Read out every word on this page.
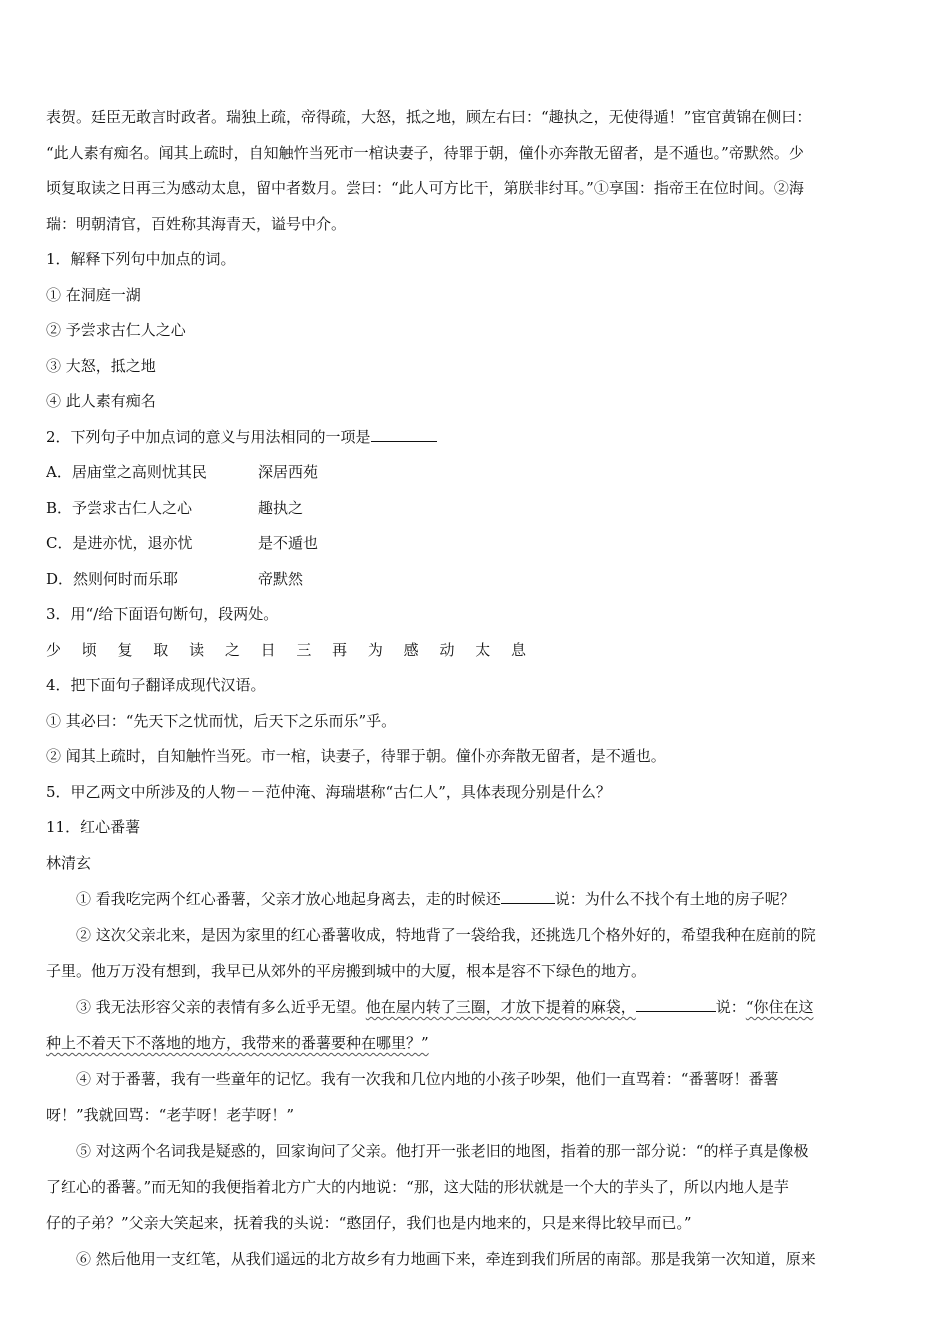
表贺。廷臣无敢言时政者。瑞独上疏，帝得疏，大怒，抵之地，顾左右曰：“趣执之，无使得遁！”宦官黄锦在侧曰：
“此人素有痴名。闻其上疏时，自知触忤当死市一棺诀妻子，待罪于朝，僮仆亦奔散无留者，是不遁也。”帝默然。少
顷复取读之日再三为感动太息，留中者数月。尝曰：“此人可方比干，第朕非纣耳。”①享国：指帝王在位时间。②海
瑞：明朝清官，百姓称其海青天，谥号中介。
1．解释下列句中加点的词。
① 在洞庭一湖
② 予尝求古仁人之心
③ 大怒，抵之地
④ 此人素有痴名
2．下列句子中加点词的意义与用法相同的一项是
A．居庙堂之高则忧其民	深居西苑
B．予尝求古仁人之心	趣执之
C．是进亦忧，退亦忧	是不遁也
D．然则何时而乐耶	帝默然
3．用“/给下面语句断句，段两处。
少 顷 复 取 读 之 日 三 再 为 感 动 太 息
4．把下面句子翻译成现代汉语。
① 其必曰：“先天下之忧而忧，后天下之乐而乐”乎。
② 闻其上疏时，自知触忤当死。市一棺，诀妻子，待罪于朝。僮仆亦奔散无留者，是不遁也。
5．甲乙两文中所涉及的人物－－范仲淹、海瑞堪称“古仁人”，具体表现分别是什么？
11．红心番薯
林清玄
① 看我吃完两个红心番薯，父亲才放心地起身离去，走的时候还	说：为什么不找个有土地的房子呢？
② 这次父亲北来，是因为家里的红心番薯收成，特地背了一袋给我，还挑选几个格外好的，希望我种在庭前的院
子里。他万万没有想到，我早已从郊外的平房搬到城中的大厦，根本是容不下绿色的地方。
③ 我无法形容父亲的表情有多么近乎无望。他在屋内转了三圈，才放下提着的麻袋，	说：“你住在这
种上不着天下不落地的地方，我带来的番薯要种在哪里？”
④ 对于番薯，我有一些童年的记忆。我有一次我和几位内地的小孩子吵架，他们一直骂着：“番薯呀！番薯
呀！”我就回骂：“老芋呀！老芋呀！”
⑤ 对这两个名词我是疑惑的，回家询问了父亲。他打开一张老旧的地图，指着的那一部分说：“的样子真是像极
了红心的番薯。”而无知的我便指着北方广大的内地说：“那，这大陆的形状就是一个大的芋头了，所以内地人是芋
仔的子弟？”父亲大笑起来，抚着我的头说：“憨囝仔，我们也是内地来的，只是来得比较早而已。”
⑥ 然后他用一支红笔，从我们遥远的北方故乡有力地画下来，牵连到我们所居的南部。那是我第一次知道，原来
